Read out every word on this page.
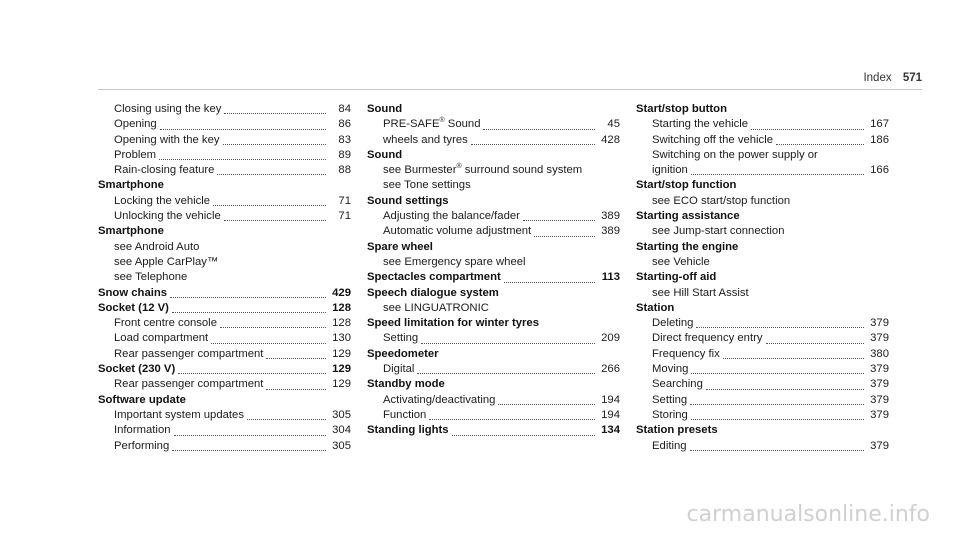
Index 571
Closing using the key	84
Opening	86
Opening with the key	83
Problem	89
Rain-closing feature	88
Smartphone
Locking the vehicle	71
Unlocking the vehicle	71
Smartphone
see Android Auto
see Apple CarPlay™
see Telephone
Snow chains	429
Socket (12 V)	128
Front centre console	128
Load compartment	130
Rear passenger compartment	129
Socket (230 V)	129
Rear passenger compartment	129
Software update
Important system updates	305
Information	304
Performing	305
Sound
PRE-SAFE® Sound	45
wheels and tyres	428
Sound
see Burmester® surround sound system
see Tone settings
Sound settings
Adjusting the balance/fader	389
Automatic volume adjustment	389
Spare wheel
see Emergency spare wheel
Spectacles compartment	113
Speech dialogue system
see LINGUATRONIC
Speed limitation for winter tyres
Setting	209
Speedometer
Digital	266
Standby mode
Activating/deactivating	194
Function	194
Standing lights	134
Start/stop button
Starting the vehicle	167
Switching off the vehicle	186
Switching on the power supply or
ignition	166
Start/stop function
see ECO start/stop function
Starting assistance
see Jump-start connection
Starting the engine
see Vehicle
Starting-off aid
see Hill Start Assist
Station
Deleting	379
Direct frequency entry	379
Frequency fix	380
Moving	379
Searching	379
Setting	379
Storing	379
Station presets
Editing	379
carmanualsonline.info
